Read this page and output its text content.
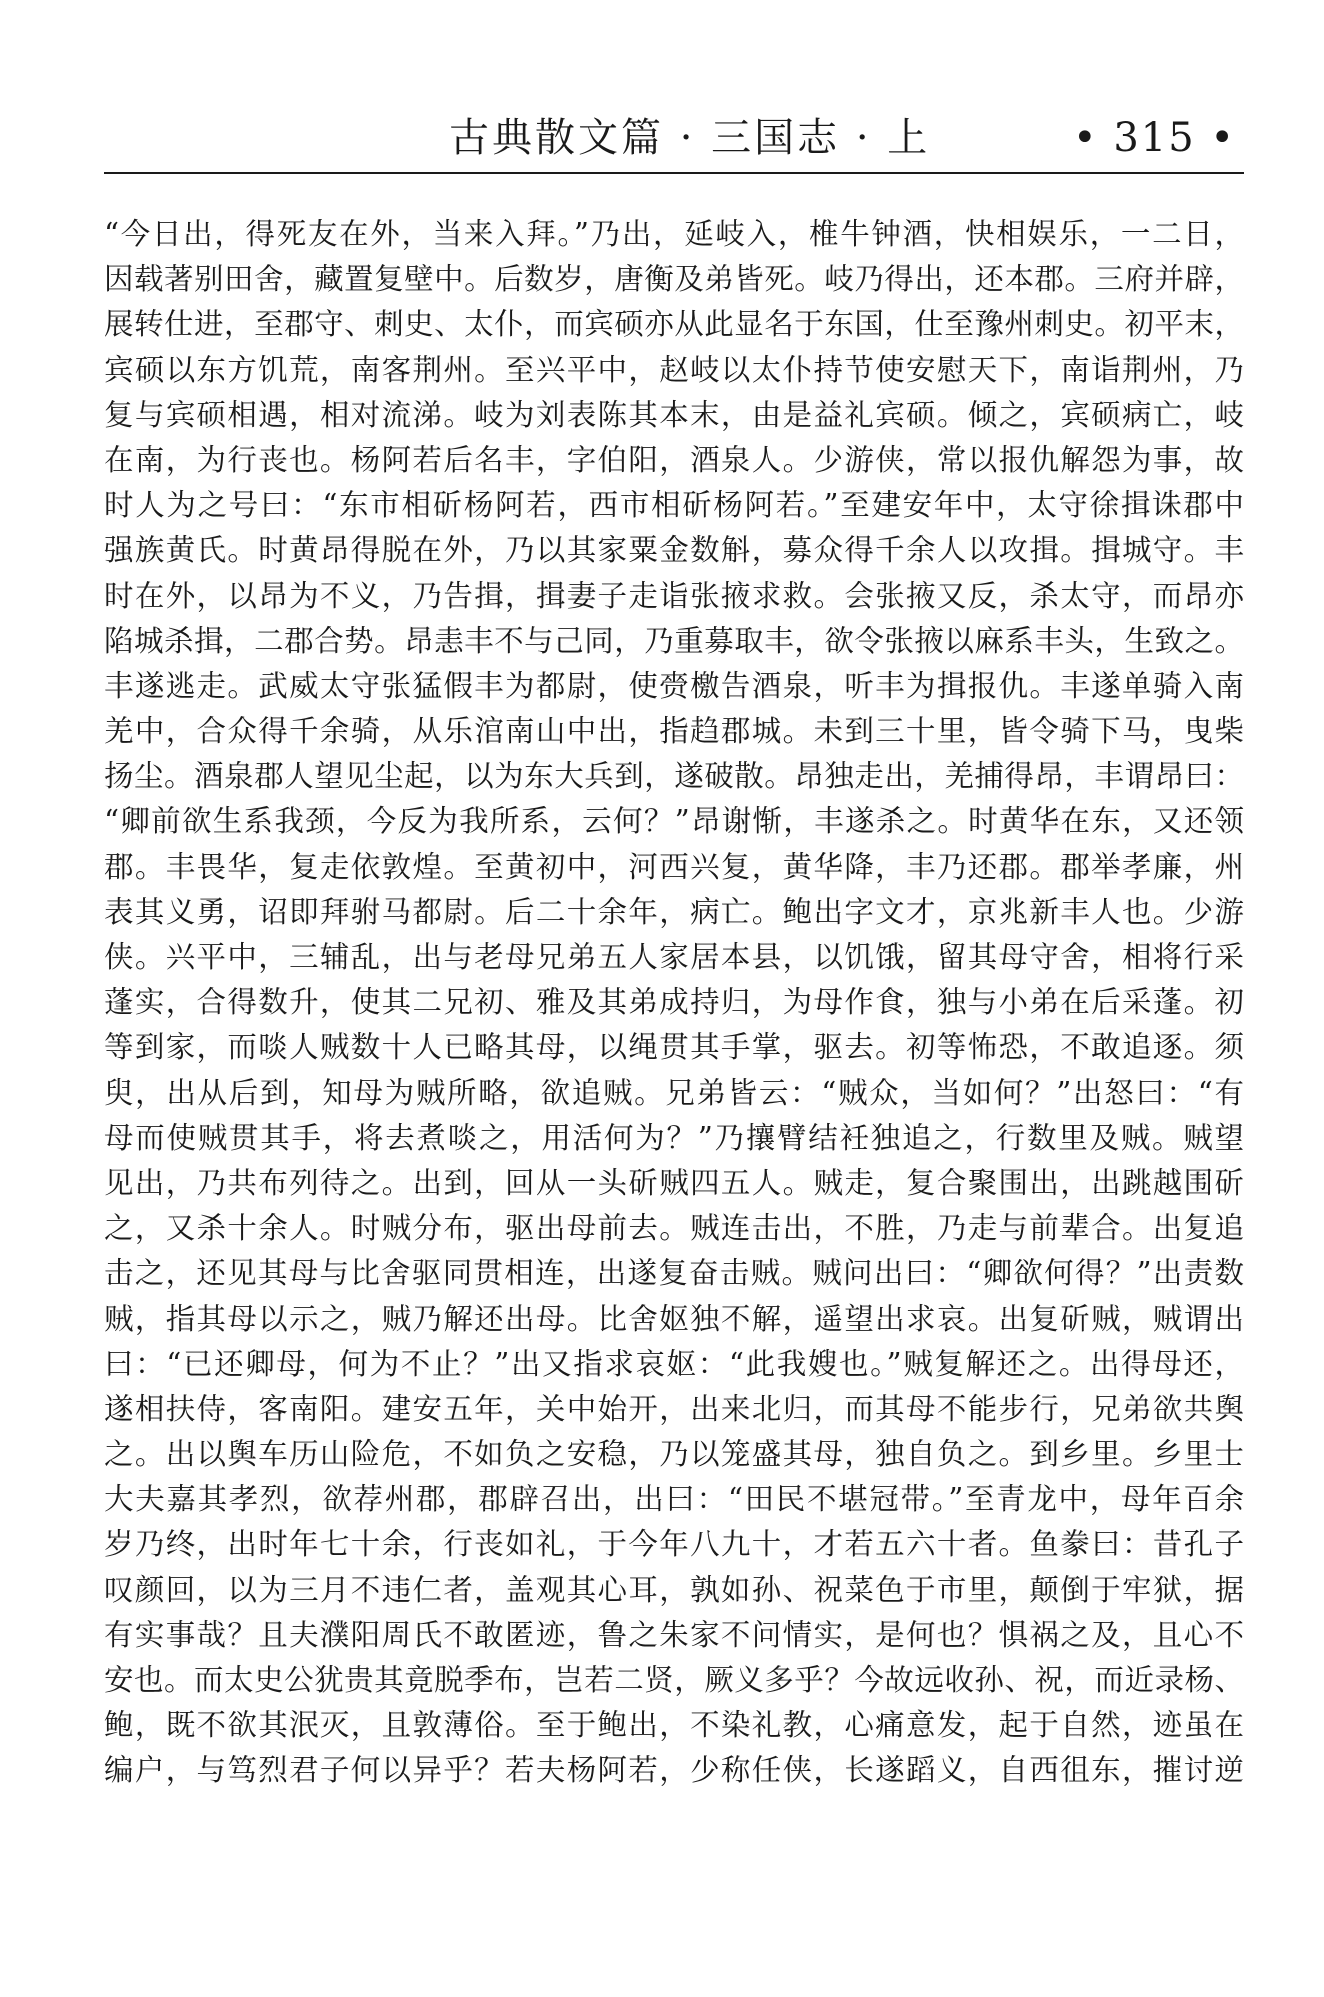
古典散文篇 · 三国志 · 上	• 315 •
“今日出，得死友在外，当来入拜。”乃出，延岐入，椎牛钟酒，快相娱乐，一二日，
因载著别田舍，藏置复壁中。后数岁，唐衡及弟皆死。岐乃得出，还本郡。三府并辟，
展转仕进，至郡守、刺史、太仆，而宾硕亦从此显名于东国，仕至豫州刺史。初平末，
宾硕以东方饥荒，南客荆州。至兴平中，赵岐以太仆持节使安慰天下，南诣荆州，乃
复与宾硕相遇，相对流涕。岐为刘表陈其本末，由是益礼宾硕。倾之，宾硕病亡，岐
在南，为行丧也。杨阿若后名丰，字伯阳，酒泉人。少游侠，常以报仇解怨为事，故
时人为之号曰：“东市相斫杨阿若，西市相斫杨阿若。”至建安年中，太守徐揖诛郡中
强族黄氏。时黄昂得脱在外，乃以其家粟金数斛，募众得千余人以攻揖。揖城守。丰
时在外，以昂为不义，乃告揖，揖妻子走诣张掖求救。会张掖又反，杀太守，而昂亦
陷城杀揖，二郡合势。昂恚丰不与己同，乃重募取丰，欲令张掖以麻系丰头，生致之。
丰遂逃走。武威太守张猛假丰为都尉，使赍檄告酒泉，听丰为揖报仇。丰遂单骑入南
羌中，合众得千余骑，从乐涫南山中出，指趋郡城。未到三十里，皆令骑下马，曳柴
扬尘。酒泉郡人望见尘起，以为东大兵到，遂破散。昂独走出，羌捕得昂，丰谓昂曰：
“卿前欲生系我颈，今反为我所系，云何？”昂谢惭，丰遂杀之。时黄华在东，又还领
郡。丰畏华，复走依敦煌。至黄初中，河西兴复，黄华降，丰乃还郡。郡举孝廉，州
表其义勇，诏即拜驸马都尉。后二十余年，病亡。鲍出字文才，京兆新丰人也。少游
侠。兴平中，三辅乱，出与老母兄弟五人家居本县，以饥饿，留其母守舍，相将行采
蓬实，合得数升，使其二兄初、雅及其弟成持归，为母作食，独与小弟在后采蓬。初
等到家，而啖人贼数十人已略其母，以绳贯其手掌，驱去。初等怖恐，不敢追逐。须
臾，出从后到，知母为贼所略，欲追贼。兄弟皆云：“贼众，当如何？”出怒曰：“有
母而使贼贯其手，将去煮啖之，用活何为？”乃攘臂结衽独追之，行数里及贼。贼望
见出，乃共布列待之。出到，回从一头斫贼四五人。贼走，复合聚围出，出跳越围斫
之，又杀十余人。时贼分布，驱出母前去。贼连击出，不胜，乃走与前辈合。出复追
击之，还见其母与比舍驱同贯相连，出遂复奋击贼。贼问出曰：“卿欲何得？”出责数
贼，指其母以示之，贼乃解还出母。比舍妪独不解，遥望出求哀。出复斫贼，贼谓出
曰：“已还卿母，何为不止？”出又指求哀妪：“此我嫂也。”贼复解还之。出得母还，
遂相扶侍，客南阳。建安五年，关中始开，出来北归，而其母不能步行，兄弟欲共舆
之。出以舆车历山险危，不如负之安稳，乃以笼盛其母，独自负之。到乡里。乡里士
大夫嘉其孝烈，欲荐州郡，郡辟召出，出曰：“田民不堪冠带。”至青龙中，母年百余
岁乃终，出时年七十余，行丧如礼，于今年八九十，才若五六十者。鱼豢曰：昔孔子
叹颜回，以为三月不违仁者，盖观其心耳，孰如孙、祝菜色于市里，颠倒于牢狱，据
有实事哉？且夫濮阳周氏不敢匿迹，鲁之朱家不问情实，是何也？惧祸之及，且心不
安也。而太史公犹贵其竟脱季布，岂若二贤，厥义多乎？今故远收孙、祝，而近录杨、
鲍，既不欲其泯灭，且敦薄俗。至于鲍出，不染礼教，心痛意发，起于自然，迹虽在
编户，与笃烈君子何以异乎？若夫杨阿若，少称任侠，长遂蹈义，自西徂东，摧讨逆
